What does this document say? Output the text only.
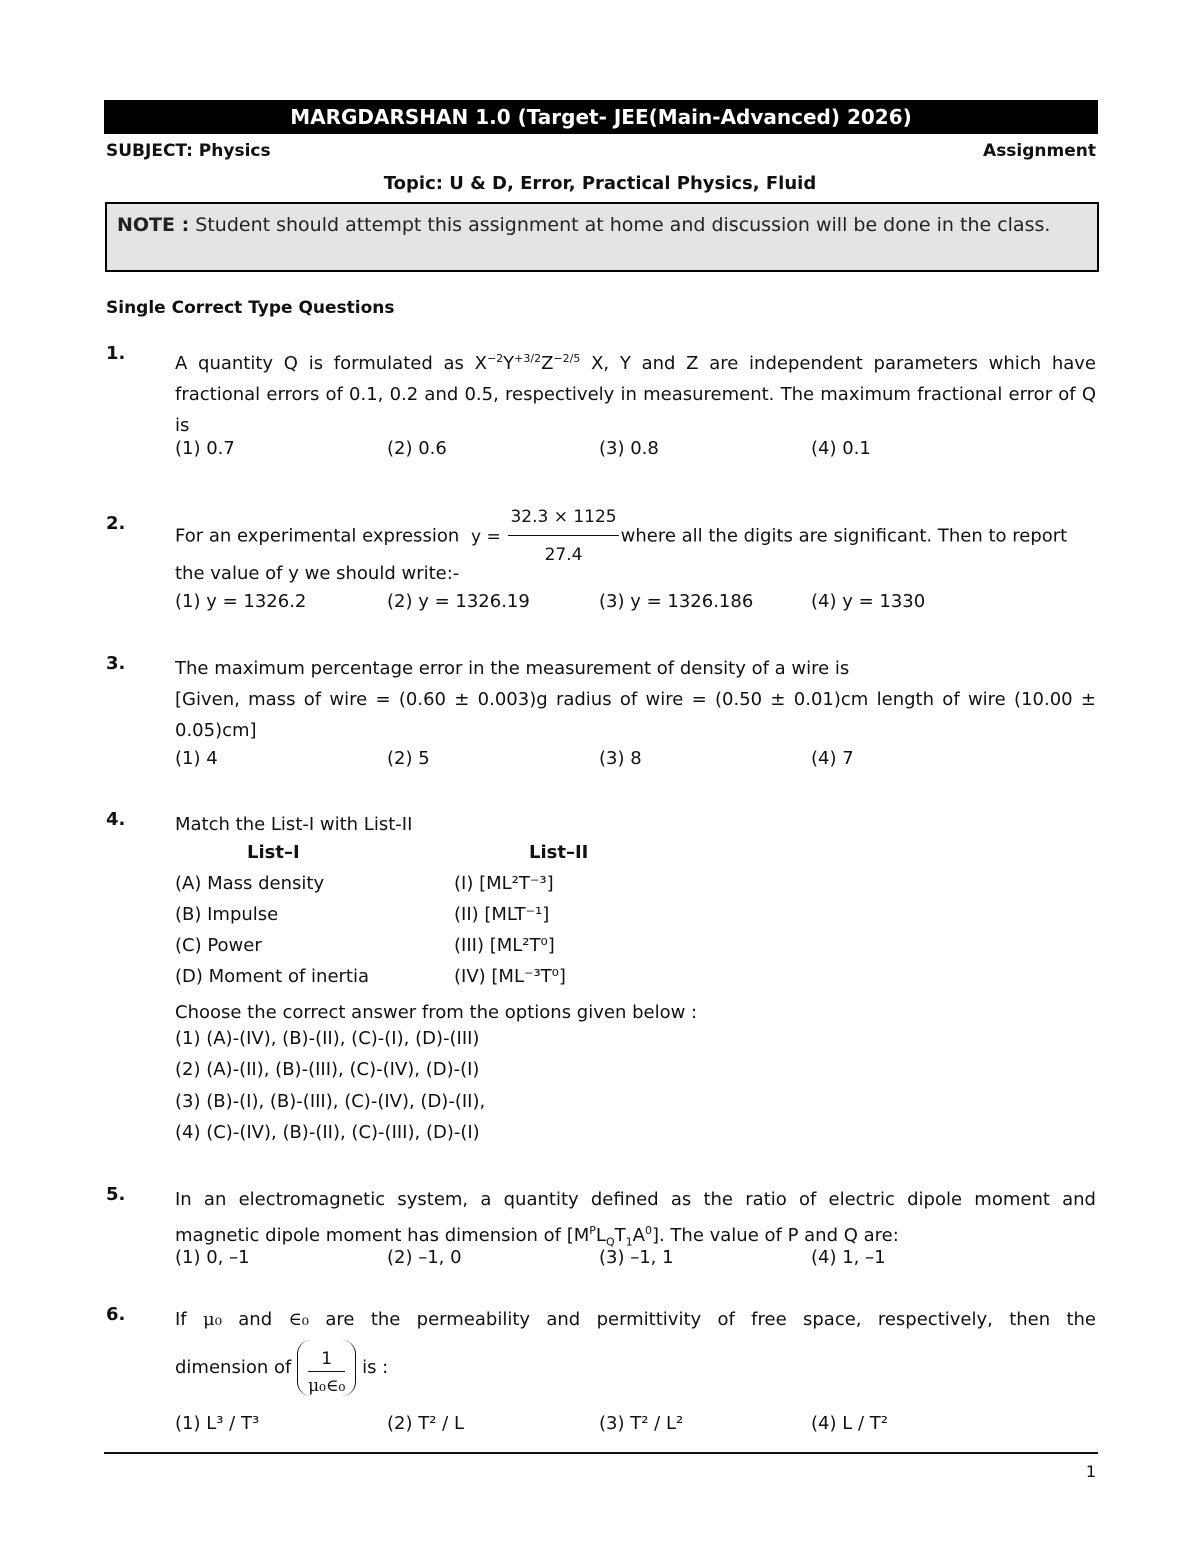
MARGDARSHAN 1.0 (Target- JEE(Main-Advanced) 2026)
SUBJECT: Physics	Assignment
Topic: U & D, Error, Practical Physics, Fluid
NOTE : Student should attempt this assignment at home and discussion will be done in the class.
Single Correct Type Questions
1.	A quantity Q is formulated as $X^{-2}Y^{+3/2}Z^{-2/5}$ X, Y and Z are independent parameters which have fractional errors of 0.1, 0.2 and 0.5, respectively in measurement. The maximum fractional error of Q is
(1) 0.7	(2) 0.6	(3) 0.8	(4) 0.1
2.
For an experimental expression $y = \frac{32.3 \times 1125}{27.4}$ where all the digits are significant. Then to report
the value of y we should write:-
(1) y = 1326.2	(2) y = 1326.19	(3) y = 1326.186	(4) y = 1330
3.	The maximum percentage error in the measurement of density of a wire is
[Given, mass of wire = (0.60 ± 0.003)g radius of wire = (0.50 ± 0.01)cm length of wire (10.00 ±
0.05)cm]
(1) 4	(2) 5	(3) 8	(4) 7
4.	Match the List-I with List-II
List–I	List–II
(A) Mass density	(I) [ML²T⁻³]
(B) Impulse	(II) [MLT⁻¹]
(C) Power	(III) [ML²T⁰]
(D) Moment of inertia	(IV) [ML⁻³T⁰]
Choose the correct answer from the options given below :
(1) (A)-(IV), (B)-(II), (C)-(I), (D)-(III)
(2) (A)-(II), (B)-(III), (C)-(IV), (D)-(I)
(3) (B)-(I), (B)-(III), (C)-(IV), (D)-(II),
(4) (C)-(IV), (B)-(II), (C)-(III), (D)-(I)
5.	In an electromagnetic system, a quantity defined as the ratio of electric dipole moment and
magnetic dipole moment has dimension of $[M^PL_QT_1A^0]$. The value of P and Q are:
(1) 0, –1	(2) –1, 0	(3) –1, 1	(4) 1, –1
6.	If μ₀ and ∈₀ are the permeability and permittivity of free space, respectively, then the
dimension of $\frac{1}{\text{μ₀∈₀}}$ is :
(1) L³ / T³	(2) T² / L	(3) T² / L²	(4) L / T²
1
